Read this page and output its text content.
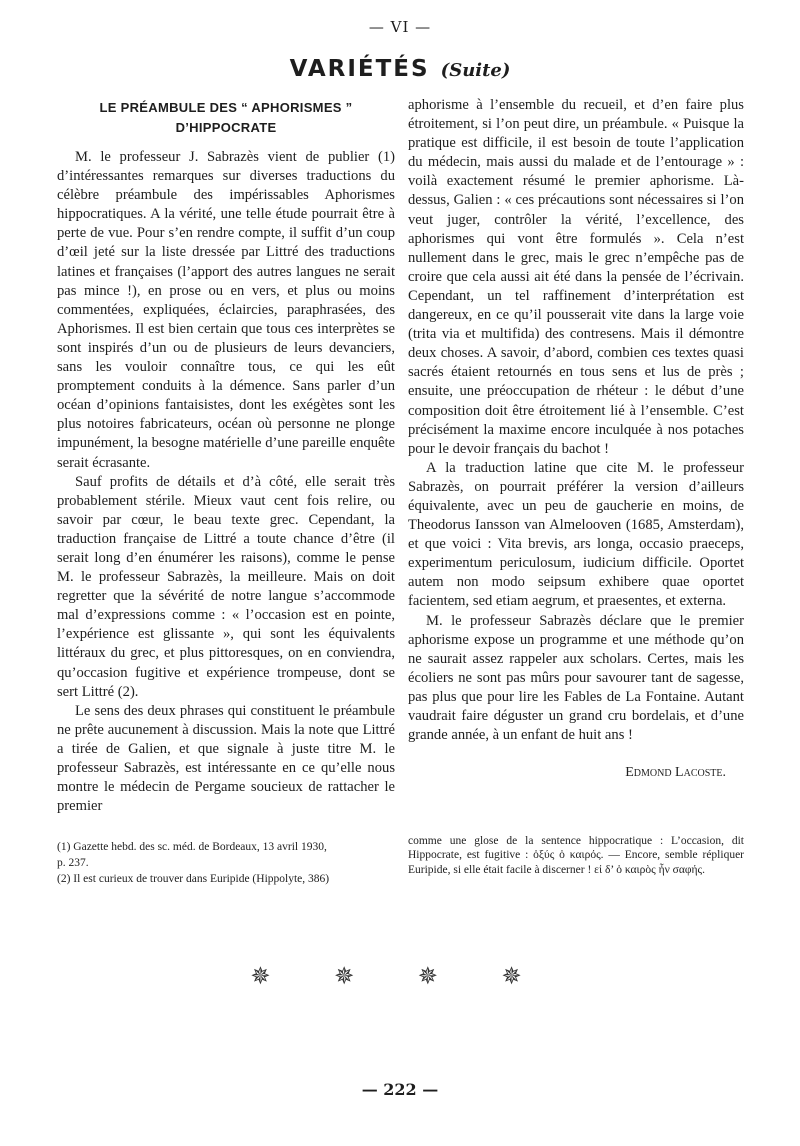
— VI —
VARIÉTÉS (Suite)
LE PRÉAMBULE DES “ APHORISMES ”
D’HIPPOCRATE

M. le professeur J. Sabrazès vient de publier (1) d’intéressantes remarques sur diverses traductions du célèbre préambule des impérissables Aphorismes hippocratiques. A la vérité, une telle étude pourrait être à perte de vue. Pour s’en rendre compte, il suffit d’un coup d’œil jeté sur la liste dressée par Littré des traductions latines et françaises (l’apport des autres langues ne serait pas mince !), en prose ou en vers, et plus ou moins commentées, expliquées, éclaircies, paraphrasées, des Aphorismes. Il est bien certain que tous ces interprètes se sont inspirés d’un ou de plusieurs de leurs devanciers, sans les vouloir connaître tous, ce qui les eût promptement conduits à la démence. Sans parler d’un océan d’opinions fantaisistes, dont les exégètes sont les plus notoires fabricateurs, océan où personne ne plonge impunément, la besogne matérielle d’une pareille enquête serait écrasante.

Sauf profits de détails et d’à côté, elle serait très probablement stérile. Mieux vaut cent fois relire, ou savoir par cœur, le beau texte grec. Cependant, la traduction française de Littré a toute chance d’être (il serait long d’en énumérer les raisons), comme le pense M. le professeur Sabrazès, la meilleure. Mais on doit regretter que la sévérité de notre langue s’accommode mal d’expressions comme : « l’occasion est en pointe, l’expérience est glissante », qui sont les équivalents littéraux du grec, et plus pittoresques, on en conviendra, qu’occasion fugitive et expérience trompeuse, dont se sert Littré (2).

Le sens des deux phrases qui constituent le préambule ne prête aucunement à discussion. Mais la note que Littré a tirée de Galien, et que signale à juste titre M. le professeur Sabrazès, est intéressante en ce qu’elle nous montre le médecin de Pergame soucieux de rattacher le premier

aphorisme à l’ensemble du recueil, et d’en faire plus étroitement, si l’on peut dire, un préambule. « Puisque la pratique est difficile, il est besoin de toute l’application du médecin, mais aussi du malade et de l’entourage » : voilà exactement résumé le premier aphorisme. Là-dessus, Galien : « ces précautions sont nécessaires si l’on veut juger, contrôler la vérité, l’excellence, des aphorismes qui vont être formulés ». Cela n’est nullement dans le grec, mais le grec n’empêche pas de croire que cela aussi ait été dans la pensée de l’écrivain. Cependant, un tel raffinement d’interprétation est dangereux, en ce qu’il pousserait vite dans la large voie (trita via et multifida) des contresens. Mais il démontre deux choses. A savoir, d’abord, combien ces textes quasi sacrés étaient retournés en tous sens et lus de près ; ensuite, une préoccupation de rhéteur : le début d’une composition doit être étroitement lié à l’ensemble. C’est précisément la maxime encore inculquée à nos potaches pour le devoir français du bachot !

A la traduction latine que cite M. le professeur Sabrazès, on pourrait préférer la version d’ailleurs équivalente, avec un peu de gaucherie en moins, de Theodorus Iansson van Almelooven (1685, Amsterdam), et que voici : Vita brevis, ars longa, occasio praeceps, experimentum periculosum, iudicium difficile. Oportet autem non modo seipsum exhibere quae oportet facientem, sed etiam aegrum, et praesentes, et externa.

M. le professeur Sabrazès déclare que le premier aphorisme expose un programme et une méthode qu’on ne saurait assez rappeler aux scholars. Certes, mais les écoliers ne sont pas mûrs pour savourer tant de sagesse, pas plus que pour lire les Fables de La Fontaine. Autant vaudrait faire déguster un grand cru bordelais, et d’une grande année, à un enfant de huit ans !

Edmond Lacoste.
(1) Gazette hebd. des sc. méd. de Bordeaux, 13 avril 1930,
p. 237.
(2) Il est curieux de trouver dans Euripide (Hippolyte, 386)
comme une glose de la sentence hippocratique : L’occasion, dit Hippocrate, est fugitive : ὀξύς ὁ καιρός. — Encore, semble répliquer Euripide, si elle était facile à discerner ! εἰ δ’ ὁ καιρὸς ἦν σαφής.
✵ ✵ ✵ ✵
— 222 —
